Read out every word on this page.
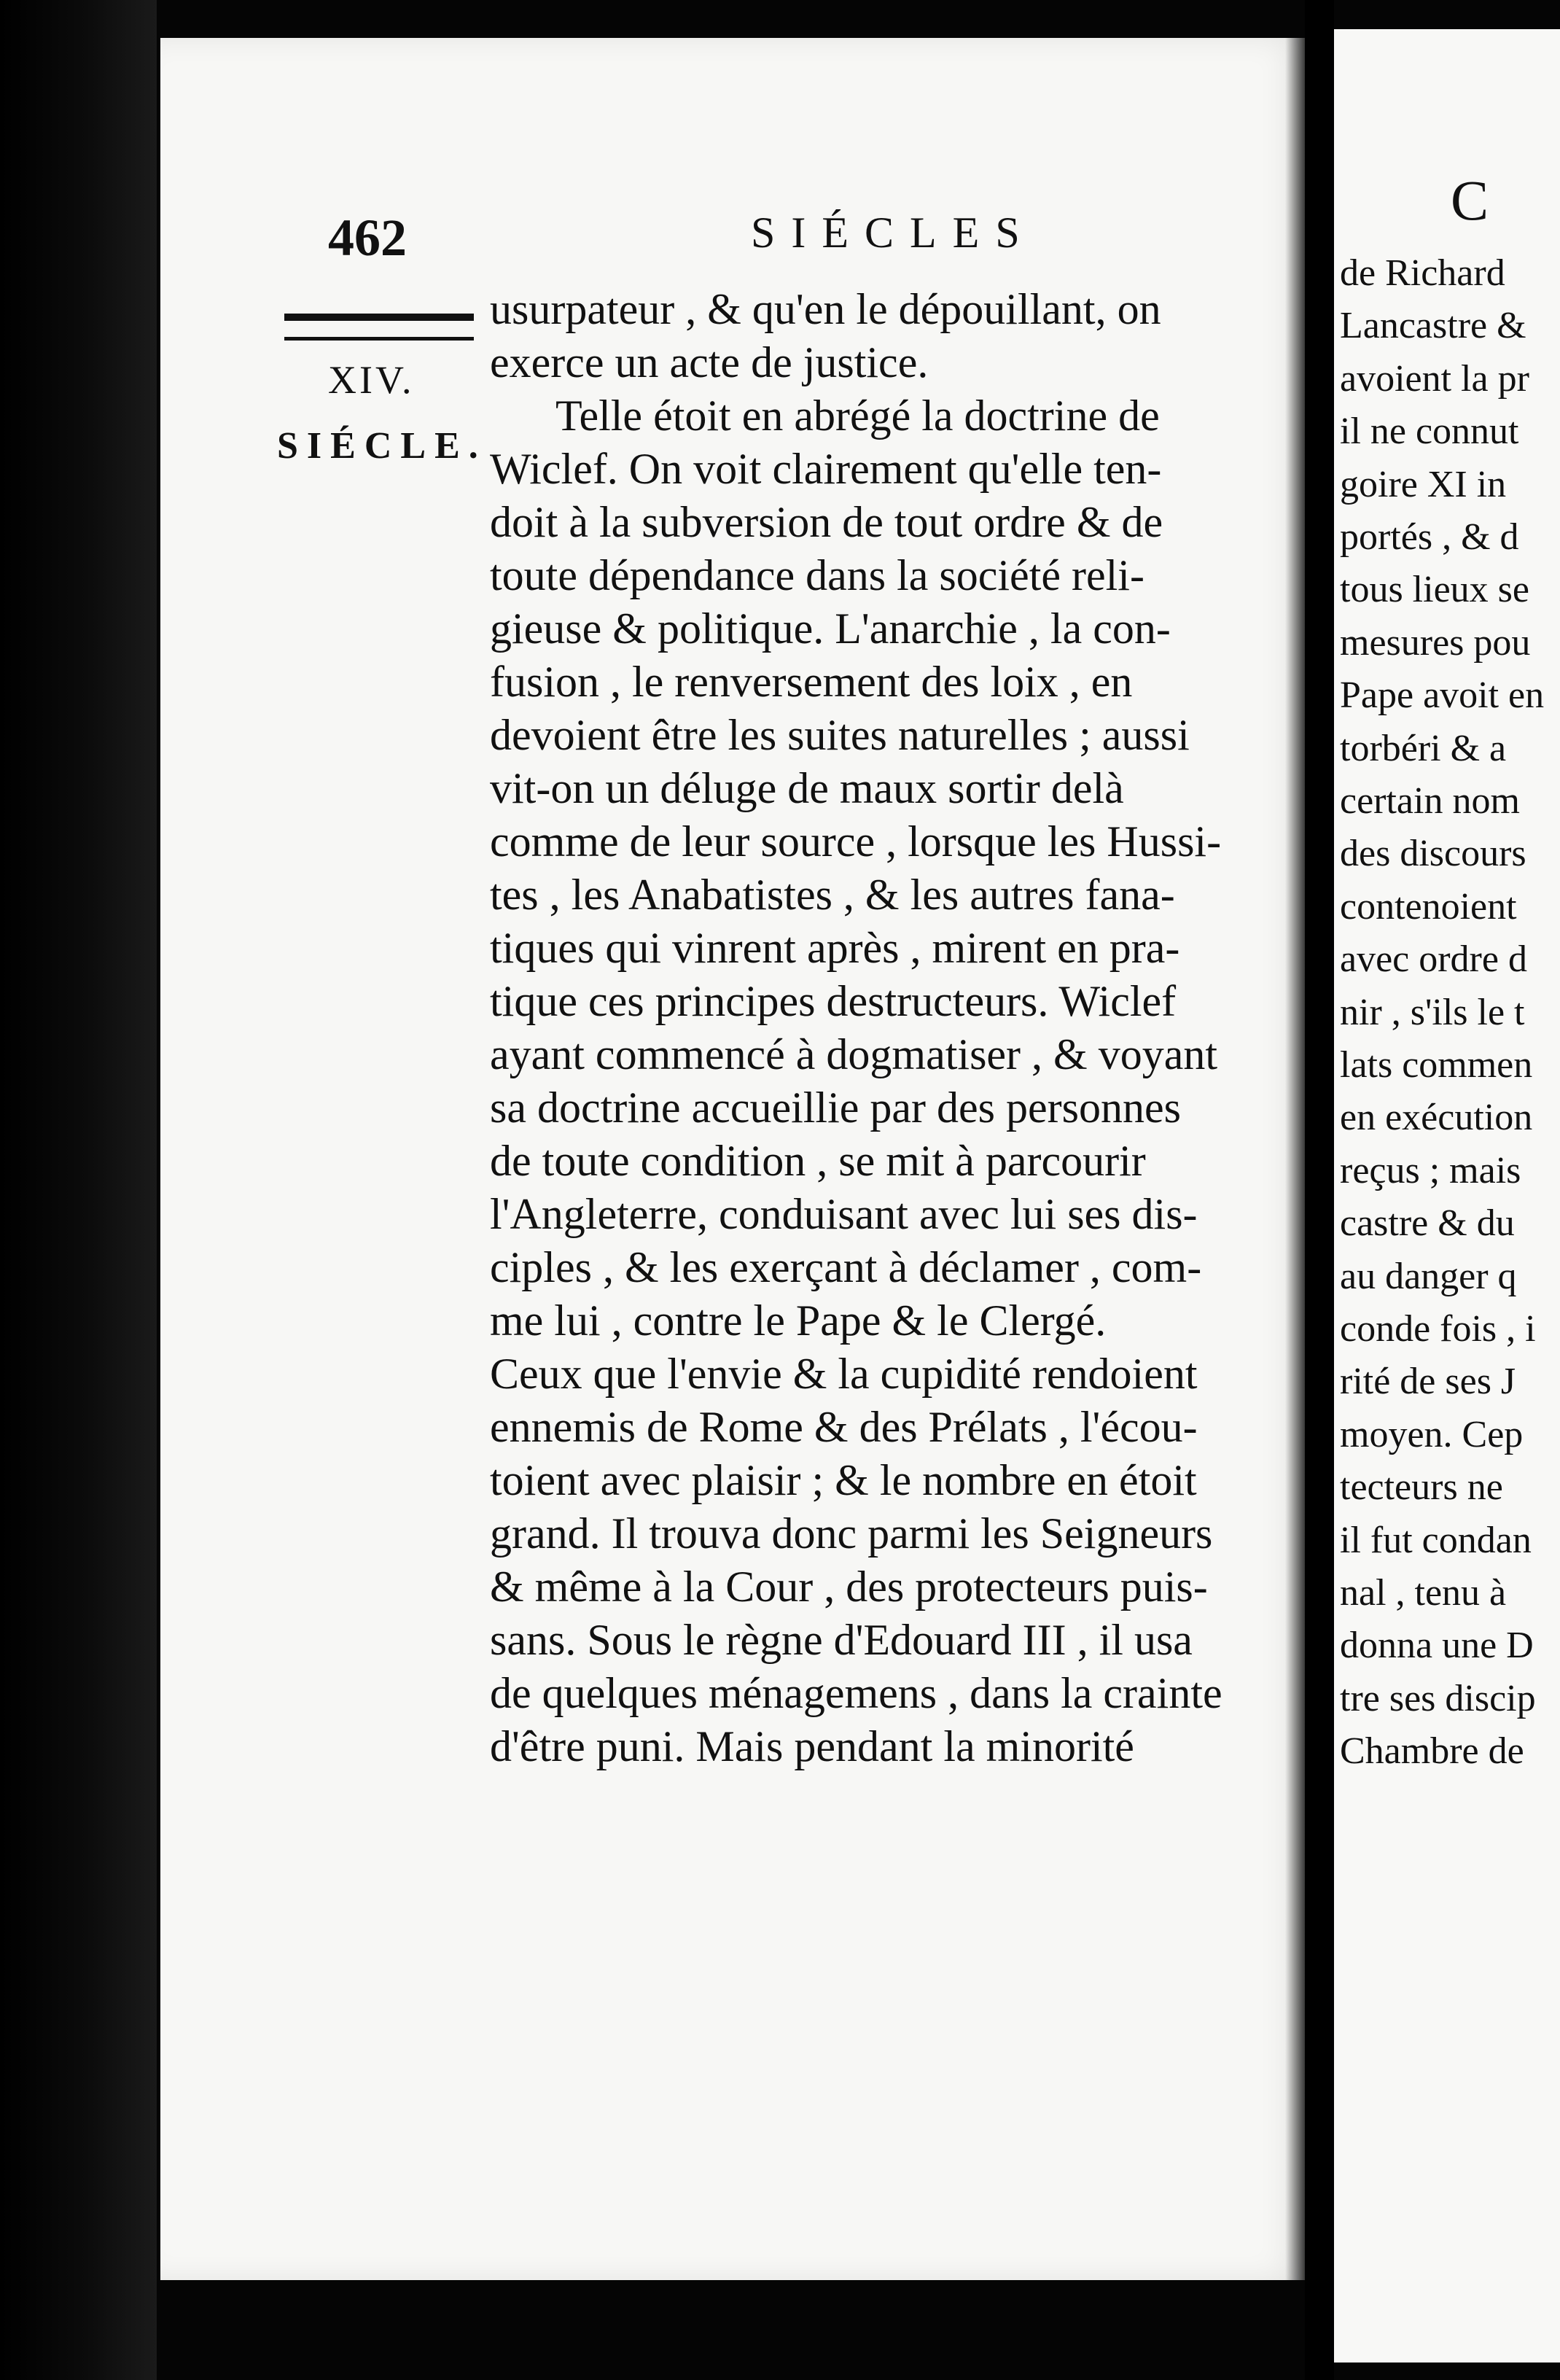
462	SIÉCLES
XIV.
SIÉCLE.
usurpateur , & qu'en le dépouillant, on
exerce un acte de justice.
Telle étoit en abrégé la doctrine de
Wiclef. On voit clairement qu'elle ten-
doit à la subversion de tout ordre & de
toute dépendance dans la société reli-
gieuse & politique. L'anarchie , la con-
fusion , le renversement des loix , en
devoient être les suites naturelles ; aussi
vit-on un déluge de maux sortir delà
comme de leur source , lorsque les Hussi-
tes , les Anabatistes , & les autres fana-
tiques qui vinrent après , mirent en pra-
tique ces principes destructeurs. Wiclef
ayant commencé à dogmatiser , & voyant
sa doctrine accueillie par des personnes
de toute condition , se mit à parcourir
l'Angleterre, conduisant avec lui ses dis-
ciples , & les exerçant à déclamer , com-
me lui , contre le Pape & le Clergé.
Ceux que l'envie & la cupidité rendoient
ennemis de Rome & des Prélats , l'écou-
toient avec plaisir ; & le nombre en étoit
grand. Il trouva donc parmi les Seigneurs
& même à la Cour , des protecteurs puis-
sans. Sous le règne d'Edouard III , il usa
de quelques ménagemens , dans la crainte
d'être puni. Mais pendant la minorité
C
de Richard
Lancastre &
avoient la pr
il ne connut
goire XI in
portés , & d
tous lieux se
mesures pou
Pape avoit en
torbéri & a
certain nom
des discours
contenoient
avec ordre d
nir , s'ils le t
lats commen
en exécution
reçus ; mais
castre & du
au danger q
conde fois , i
rité de ses J
moyen. Cep
tecteurs ne
il fut condan
nal , tenu à
donna une D
tre ses discip
Chambre de
